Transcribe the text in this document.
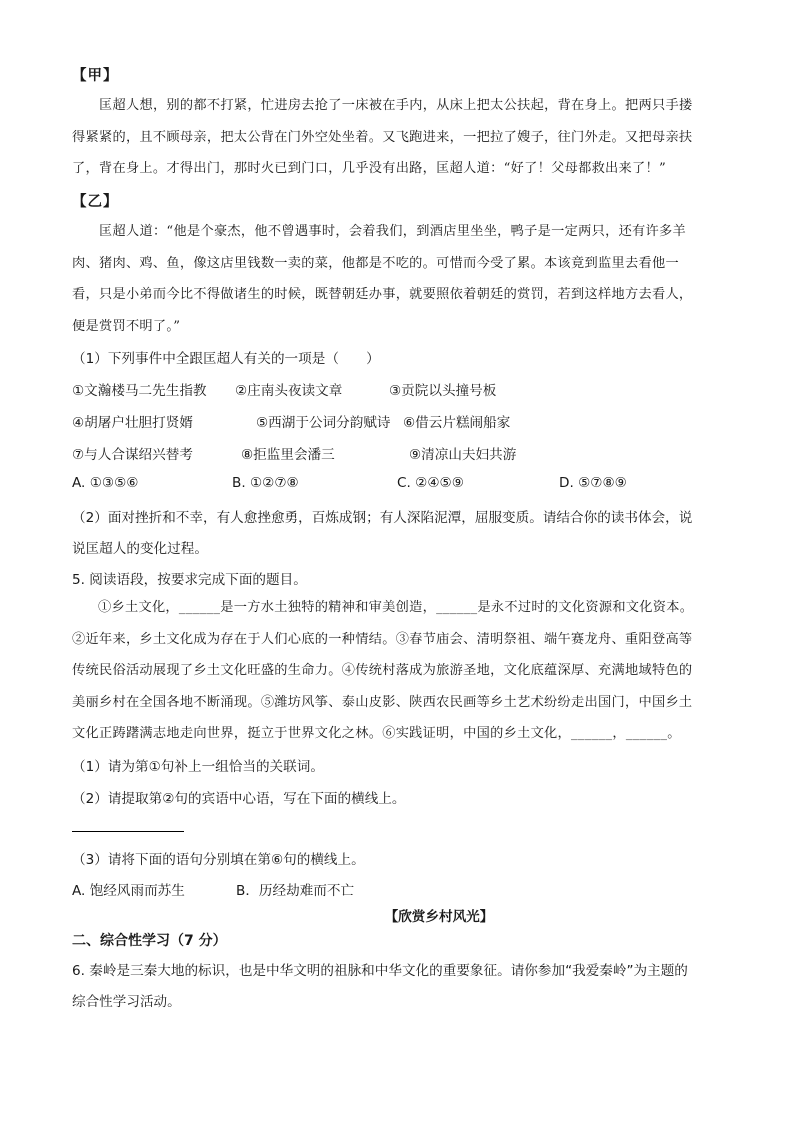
【甲】
匡超人想，别的都不打紧，忙进房去抢了一床被在手内，从床上把太公扶起，背在身上。把两只手搂
得紧紧的，且不顾母亲，把太公背在门外空处坐着。又飞跑进来，一把拉了嫂子，往门外走。又把母亲扶
了，背在身上。才得出门，那时火已到门口，几乎没有出路，匡超人道：“好了！父母都救出来了！”
【乙】
匡超人道：“他是个豪杰，他不曾遇事时，会着我们，到酒店里坐坐，鸭子是一定两只，还有许多羊
肉、猪肉、鸡、鱼，像这店里钱数一卖的菜，他都是不吃的。可惜而今受了累。本该竟到监里去看他一
看，只是小弟而今比不得做诸生的时候，既替朝廷办事，就要照依着朝廷的赏罚，若到这样地方去看人，
便是赏罚不明了。”
（1）下列事件中全跟匡超人有关的一项是（　　）
①文瀚楼马二先生指教 ②庄南头夜读文章	③贡院以头撞号板
④胡屠户壮胆打贤婿	⑤西湖于公词分韵赋诗 ⑥借云片糕闹船家
⑦与人合谋绍兴替考	⑧拒监里会潘三	⑨清凉山夫妇共游
A. ①③⑤⑥	B. ①②⑦⑧	C. ②④⑤⑨	D. ⑤⑦⑧⑨
（2）面对挫折和不幸，有人愈挫愈勇，百炼成钢；有人深陷泥潭，屈服变质。请结合你的读书体会，说
说匡超人的变化过程。
5. 阅读语段，按要求完成下面的题目。
①乡土文化，______是一方水土独特的精神和审美创造，______是永不过时的文化资源和文化资本。
②近年来，乡土文化成为存在于人们心底的一种情结。③春节庙会、清明祭祖、端午赛龙舟、重阳登高等
传统民俗活动展现了乡土文化旺盛的生命力。④传统村落成为旅游圣地，文化底蕴深厚、充满地域特色的
美丽乡村在全国各地不断涌现。⑤潍坊风筝、泰山皮影、陕西农民画等乡土艺术纷纷走出国门，中国乡土
文化正踌躇满志地走向世界，挺立于世界文化之林。⑥实践证明，中国的乡土文化，______，______。
（1）请为第①句补上一组恰当的关联词。
（2）请提取第②句的宾语中心语，写在下面的横线上。
（3）请将下面的语句分别填在第⑥句的横线上。
A. 饱经风雨而苏生	B．历经劫难而不亡
【欣赏乡村风光】
二、综合性学习（7 分）
6. 秦岭是三秦大地的标识，也是中华文明的祖脉和中华文化的重要象征。请你参加“我爱秦岭”为主题的
综合性学习活动。
